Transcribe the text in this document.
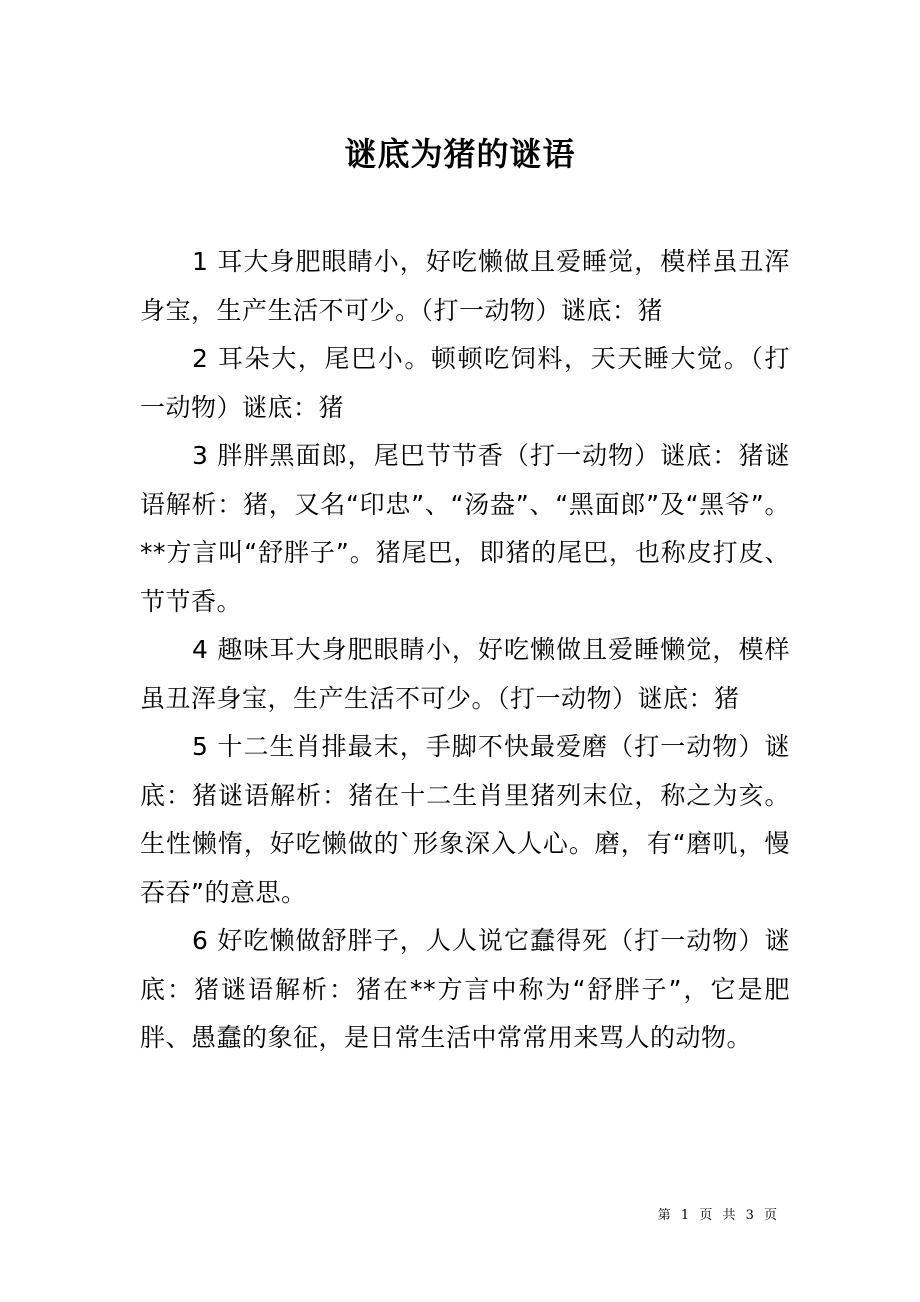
谜底为猪的谜语

1 耳大身肥眼睛小，好吃懒做且爱睡觉，模样虽丑浑身宝，生产生活不可少。（打一动物）谜底：猪

2 耳朵大，尾巴小。顿顿吃饲料，天天睡大觉。（打一动物）谜底：猪

3 胖胖黑面郎，尾巴节节香（打一动物）谜底：猪谜语解析：猪，又名“印忠”、“汤盎”、“黑面郎”及“黑爷”。**方言叫“舒胖子”。猪尾巴，即猪的尾巴，也称皮打皮、节节香。

4 趣味耳大身肥眼睛小，好吃懒做且爱睡懒觉，模样虽丑浑身宝，生产生活不可少。（打一动物）谜底：猪

5 十二生肖排最末，手脚不快最爱磨（打一动物）谜底：猪谜语解析：猪在十二生肖里猪列末位，称之为亥。生性懒惰，好吃懒做的`形象深入人心。磨，有“磨叽，慢吞吞”的意思。

6 好吃懒做舒胖子，人人说它蠢得死（打一动物）谜底：猪谜语解析：猪在**方言中称为“舒胖子”，它是肥胖、愚蠢的象征，是日常生活中常常用来骂人的动物。

第 1 页 共 3 页
